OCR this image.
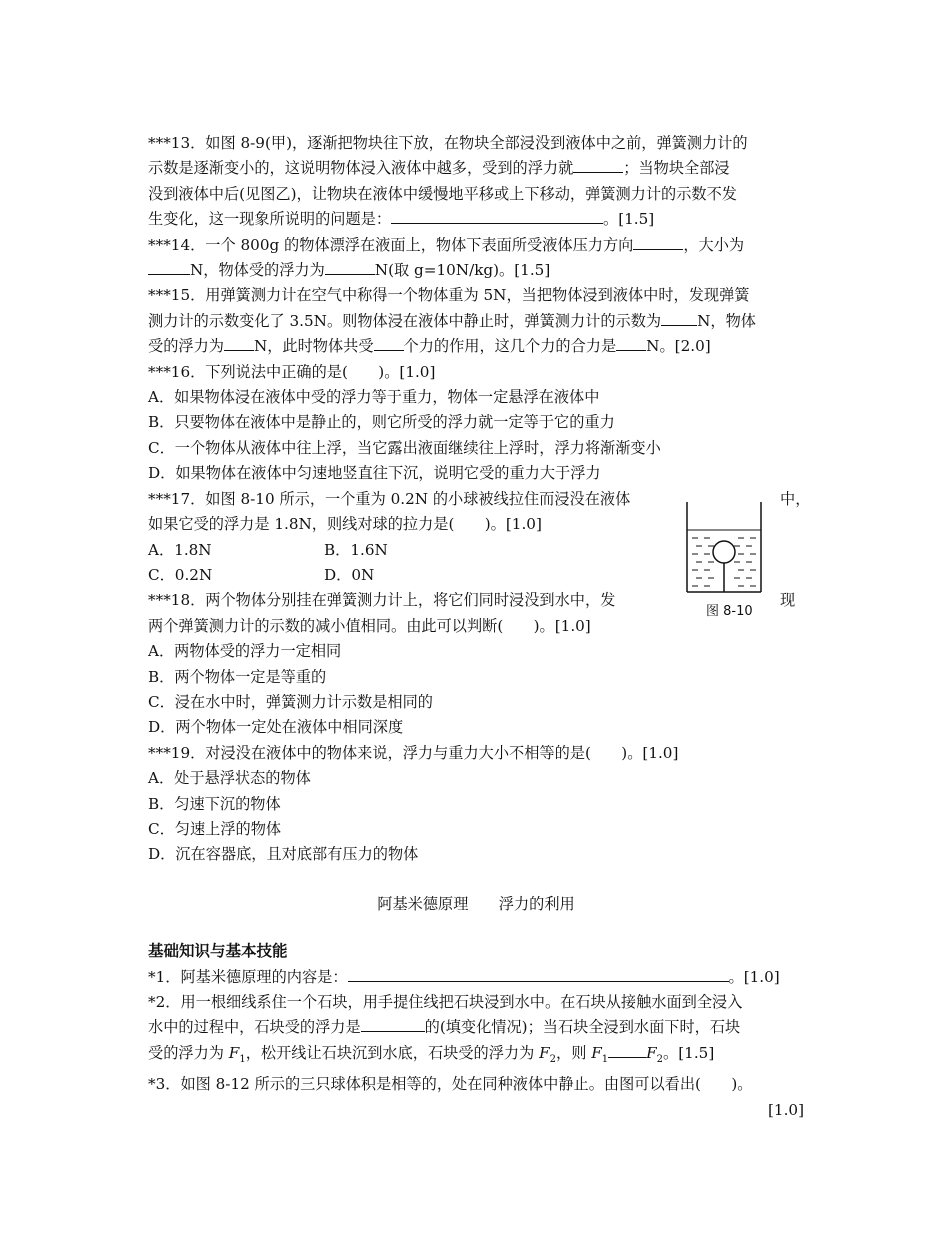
***13．如图 8-9(甲)，逐渐把物块往下放，在物块全部浸没到液体中之前，弹簧测力计的

示数是逐渐变小的，这说明物体浸入液体中越多，受到的浮力就	；当物块全部浸

没到液体中后(见图乙)，让物块在液体中缓慢地平移或上下移动，弹簧测力计的示数不发

生变化，这一现象所说明的问题是：	。[1.5]

***14．一个 800g 的物体漂浮在液面上，物体下表面所受液体压力方向	，大小为

N，物体受的浮力为	N(取 g=10N/kg)。[1.5]

***15．用弹簧测力计在空气中称得一个物体重为 5N，当把物体浸到液体中时，发现弹簧

测力计的示数变化了 3.5N。则物体浸在液体中静止时，弹簧测力计的示数为 N，物体

受的浮力为 N，此时物体共受 个力的作用，这几个力的合力是 N。[2.0]

***16．下列说法中正确的是(　　)。[1.0]

A．如果物体浸在液体中受的浮力等于重力，物体一定悬浮在液体中

B．只要物体在液体中是静止的，则它所受的浮力就一定等于它的重力

C．一个物体从液体中往上浮，当它露出液面继续往上浮时，浮力将渐渐变小

D．如果物体在液体中匀速地竖直往下沉，说明它受的重力大于浮力

***17．如图 8-10 所示，一个重为 0.2N 的小球被线拉住而浸没在液体	中，

如果它受的浮力是 1.8N，则线对球的拉力是(　　)。[1.0]

A．1.8N	B．1.6N

C．0.2N	D．0N

***18．两个物体分别挂在弹簧测力计上，将它们同时浸没到水中，发	现

两个弹簧测力计的示数的减小值相同。由此可以判断(　　)。[1.0]

A．两物体受的浮力一定相同

B．两个物体一定是等重的

C．浸在水中时，弹簧测力计示数是相同的

D．两个物体一定处在液体中相同深度

***19．对浸没在液体中的物体来说，浮力与重力大小不相等的是(　　)。[1.0]

A．处于悬浮状态的物体

B．匀速下沉的物体

C．匀速上浮的物体

D．沉在容器底，且对底部有压力的物体

阿基米德原理　　浮力的利用

基础知识与基本技能

*1．阿基米德原理的内容是：	。[1.0]

*2．用一根细线系住一个石块，用手提住线把石块浸到水中。在石块从接触水面到全浸入

水中的过程中，石块受的浮力是	的(填变化情况)；当石块全浸到水面下时，石块

受的浮力为 $F_1$，松开线让石块沉到水底，石块受的浮力为 $F_2$，则 $F_1$	$F_2$。[1.5]

*3．如图 8-12 所示的三只球体积是相等的，处在同种液体中静止。由图可以看出(　　)。

[1.0]

图 8-10
